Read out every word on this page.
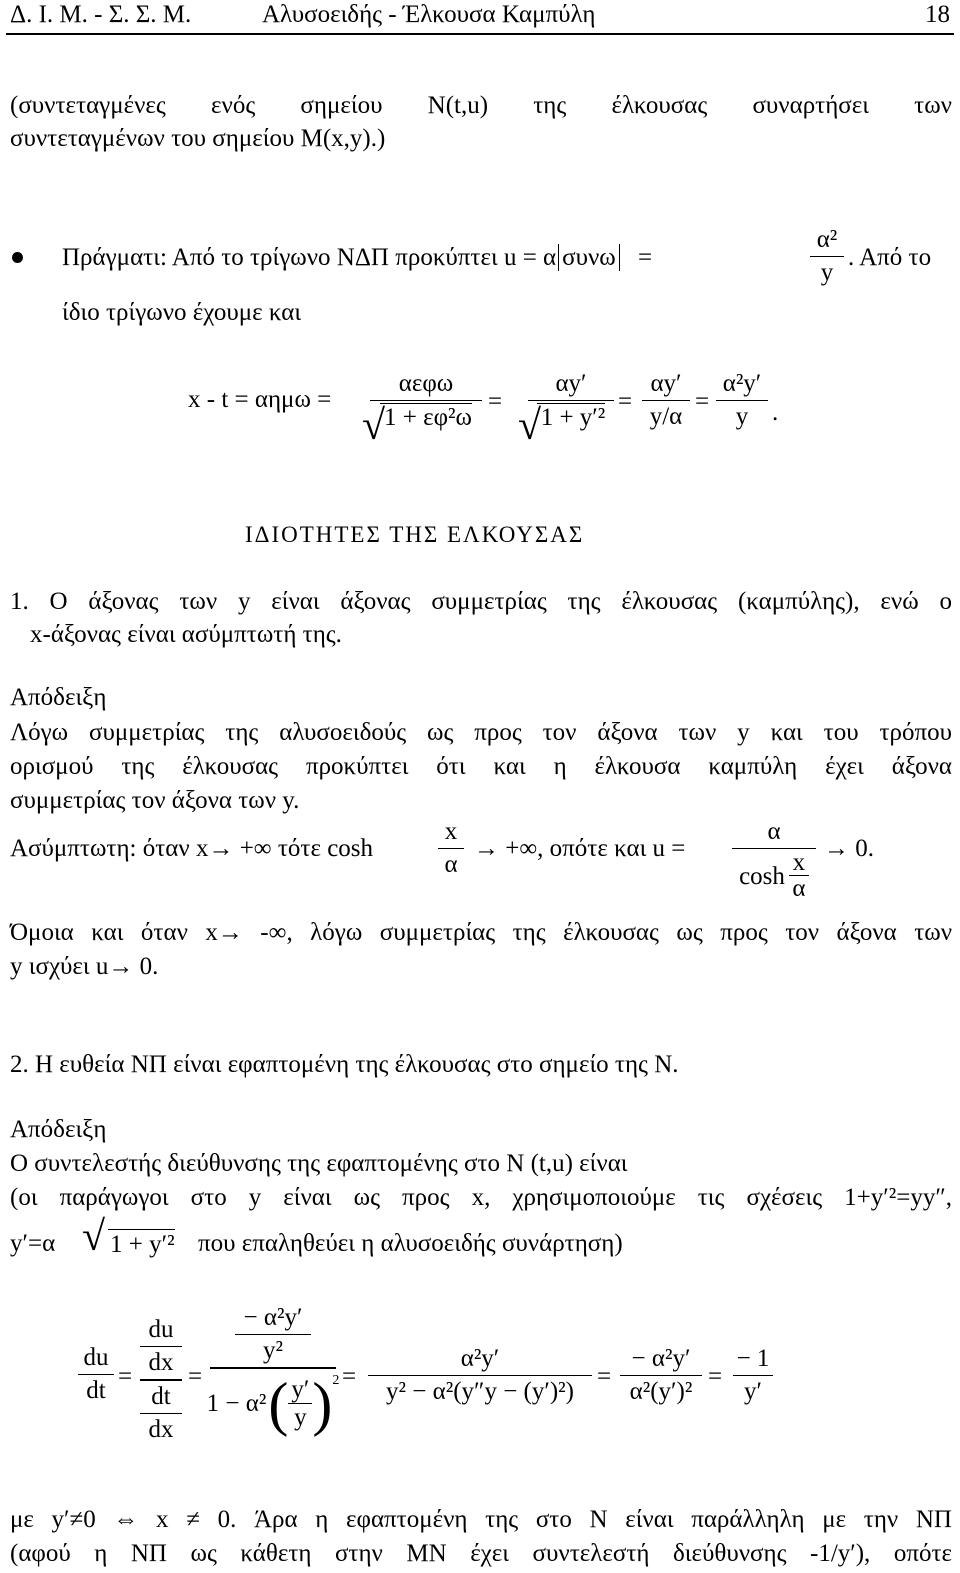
Δ. Ι. Μ. - Σ. Σ. Μ.	Αλυσοειδής - Έλκουσα Καμπύλη	18
(συντεταγμένες ενός σημείου Ν(t,u) της έλκουσας συναρτήσει των
συντεταγμένων του σημείου Μ(x,y).)
Πράγματι: Από το τρίγωνο ΝΔΠ προκύπτει u = α συνω =
α²
y
. Από το
ίδιο τρίγωνο έχουμε και
x - t = αημω =
αεφω
1 + εφ²ω
√
= $\frac{\alpha y'}{\text{1 + y′²}}$
√
=
αy′
y/α
=
α²y′
y .
ΙΔΙΟΤΗΤΕΣ ΤΗΣ ΕΛΚΟΥΣΑΣ
1. Ο άξονας των y είναι άξονας συμμετρίας της έλκουσας (καμπύλης), ενώ ο
x-άξονας είναι ασύμπτωτή της.
Απόδειξη
Λόγω συμμετρίας της αλυσοειδούς ως προς τον άξονα των y και του τρόπου
ορισμού της έλκουσας προκύπτει ότι και η έλκουσα καμπύλη έχει άξονα
συμμετρίας τον άξονα των y.
Ασύμπτωτη: όταν x→ +∞ τότε cosh
x
α
→ +∞, οπότε και u =
α
cosh x
α
→ 0.
Όμοια και όταν x→ -∞, λόγω συμμετρίας της έλκουσας ως προς τον άξονα των
y ισχύει u→ 0.
2. Η ευθεία ΝΠ είναι εφαπτομένη της έλκουσας στο σημείο της Ν.
Απόδειξη
Ο συντελεστής διεύθυνσης της εφαπτομένης στο Ν (t,u) είναι
(οι παράγωγοι στο y είναι ως προς x, χρησιμοποιούμε τις σχέσεις 1+y′²=yy″,
y′=α √ 1 + y′² που επαληθεύει η αλυσοειδής συνάρτηση)
du
dt
=
du
dx
dt
dx
=
− α²y′
y²
1 − α² ( y′
y ) 2 =
α²y′
y² − α²(y″y − (y′)²)
=
− α²y′
α²(y′)²
=
− 1
y′
με y′≠0 ⇔ x ≠ 0. Άρα η εφαπτομένη της στο Ν είναι παράλληλη με την ΝΠ
(αφού η ΝΠ ως κάθετη στην ΜΝ έχει συντελεστή διεύθυνσης -1/y′), οπότε
